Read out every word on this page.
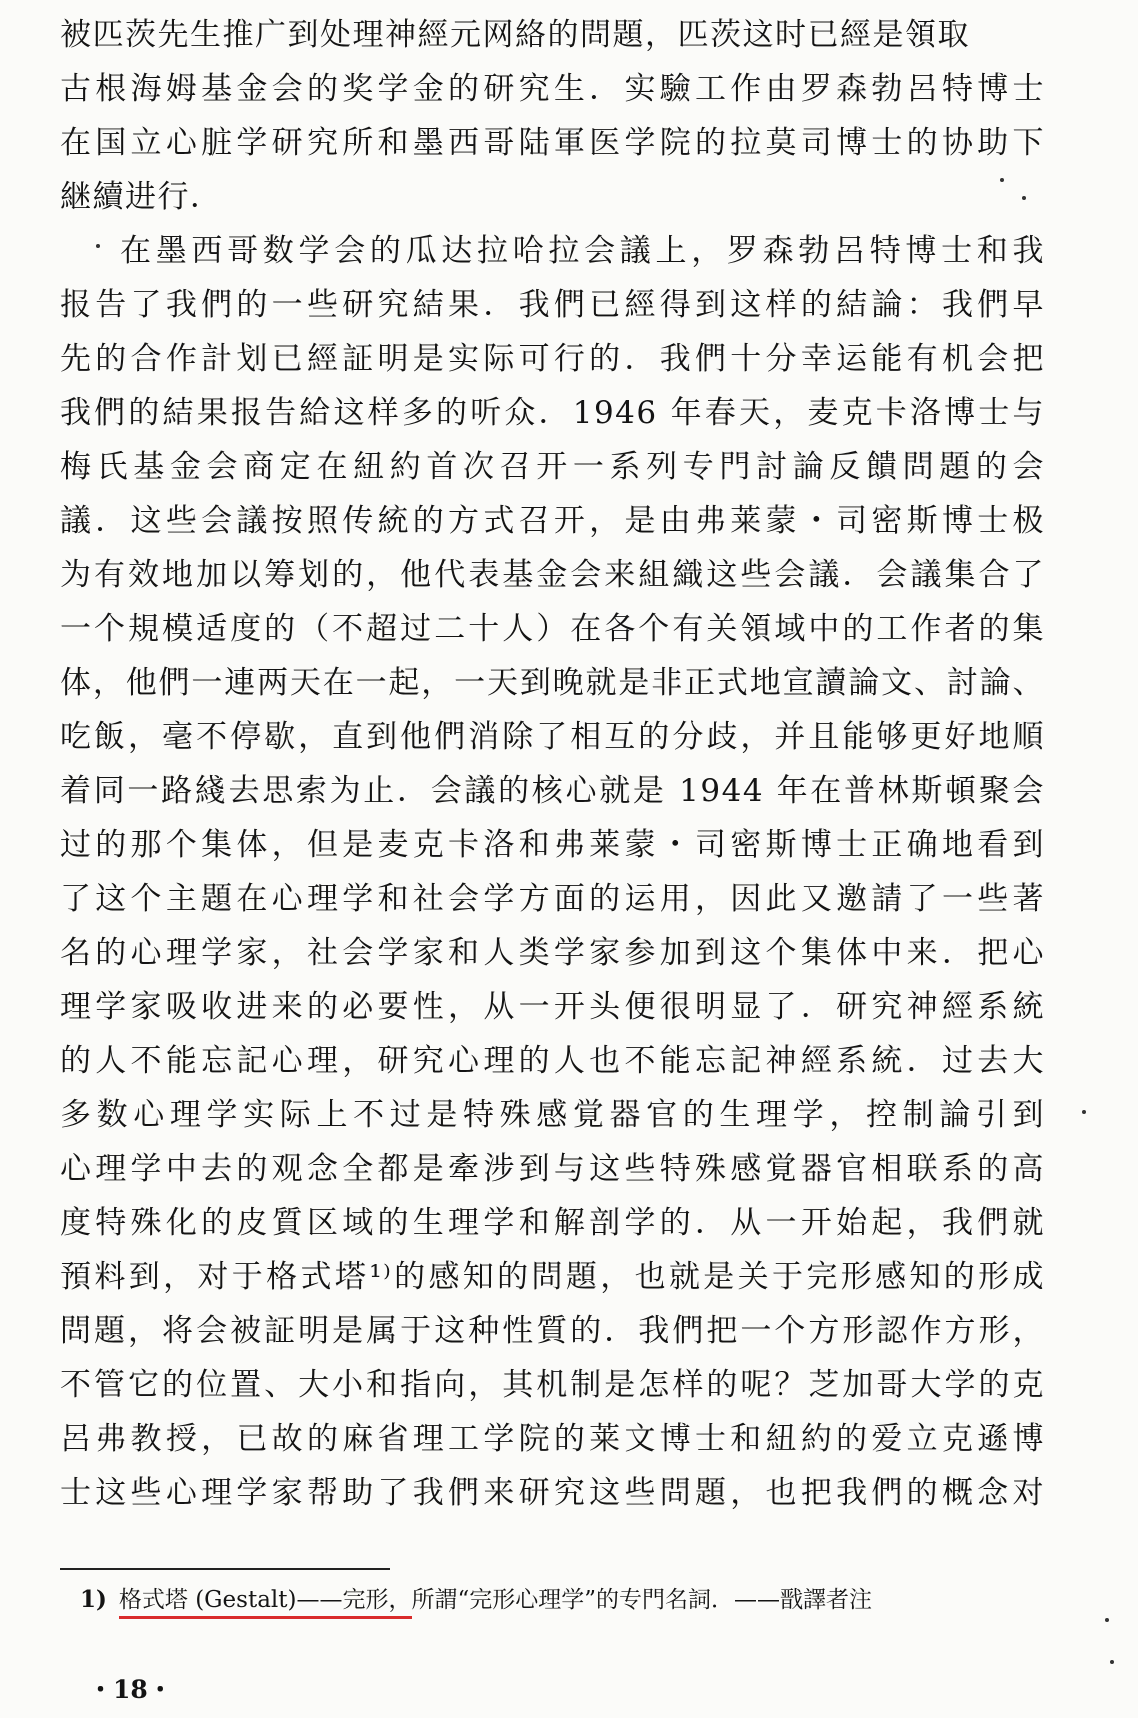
被匹茨先生推广到处理神經元网絡的問題，匹茨这时已經是領取
古根海姆基金会的奖学金的研究生．实驗工作由罗森勃呂特博士
在国立心脏学研究所和墨西哥陆軍医学院的拉莫司博士的协助下
継續进行．
在墨西哥数学会的瓜达拉哈拉会議上，罗森勃呂特博士和我
报告了我們的一些研究結果．我們已經得到这样的結論：我們早
先的合作計划已經証明是实际可行的．我們十分幸运能有机会把
我們的結果报告給这样多的听众．1946 年春天，麦克卡洛博士与
梅氏基金会商定在紐約首次召开一系列专門討論反饋問題的会
議．这些会議按照传統的方式召开，是由弗莱蒙・司密斯博士极
为有效地加以筹划的，他代表基金会来組織这些会議．会議集合了
一个規模适度的（不超过二十人）在各个有关領域中的工作者的集
体，他們一連两天在一起，一天到晚就是非正式地宣讀論文、討論、
吃飯，毫不停歇，直到他們消除了相互的分歧，并且能够更好地順
着同一路綫去思索为止．会議的核心就是 1944 年在普林斯頓聚会
过的那个集体，但是麦克卡洛和弗莱蒙・司密斯博士正确地看到
了这个主題在心理学和社会学方面的运用，因此又邀請了一些著
名的心理学家，社会学家和人类学家参加到这个集体中来．把心
理学家吸收进来的必要性，从一开头便很明显了．研究神經系統
的人不能忘記心理，研究心理的人也不能忘記神經系統．过去大
多数心理学实际上不过是特殊感覚器官的生理学，控制論引到
心理学中去的观念全都是牽涉到与这些特殊感覚器官相联系的高
度特殊化的皮質区域的生理学和解剖学的．从一开始起，我們就
預料到，对于格式塔¹⁾的感知的問題，也就是关于完形感知的形成
問題，将会被証明是属于这种性質的．我們把一个方形認作方形，
不管它的位置、大小和指向，其机制是怎样的呢？芝加哥大学的克
呂弗教授，已故的麻省理工学院的莱文博士和紐約的爱立克遜博
士这些心理学家帮助了我們来研究这些問題，也把我們的概念对
1) 格式塔 (Gestalt)——完形，所謂“完形心理学”的专門名詞．——戬譯者注
・18・
